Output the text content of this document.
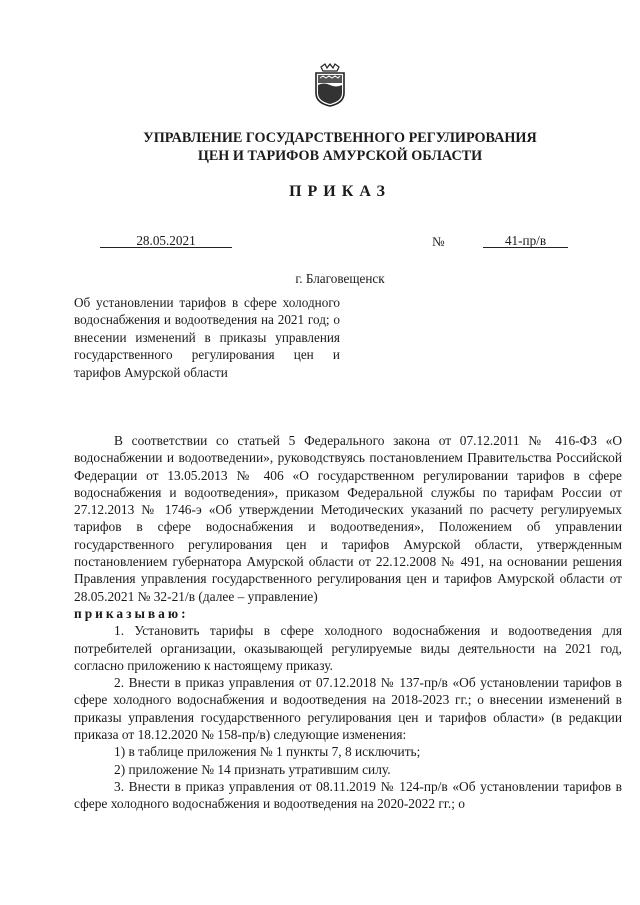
УПРАВЛЕНИЕ ГОСУДАРСТВЕННОГО РЕГУЛИРОВАНИЯ
ЦЕН И ТАРИФОВ АМУРСКОЙ ОБЛАСТИ
ПРИКАЗ
28.05.2021	№	41-пр/в
г. Благовещенск
Об установлении тарифов в сфере холодного водоснабжения и водоотведения на 2021 год; о внесении изменений в приказы управления государственного регулирования цен и тарифов Амурской области

В соответствии со статьей 5 Федерального закона от 07.12.2011 № 416-ФЗ «О водоснабжении и водоотведении», руководствуясь постановлением Правительства Российской Федерации от 13.05.2013 № 406 «О государственном регулировании тарифов в сфере водоснабжения и водоотведения», приказом Федеральной службы по тарифам России от 27.12.2013 № 1746-э «Об утверждении Методических указаний по расчету регулируемых тарифов в сфере водоснабжения и водоотведения», Положением об управлении государственного регулирования цен и тарифов Амурской области, утвержденным постановлением губернатора Амурской области от 22.12.2008 № 491, на основании решения Правления управления государственного регулирования цен и тарифов Амурской области от 28.05.2021 № 32-21/в (далее – управление)

приказываю:

1. Установить тарифы в сфере холодного водоснабжения и водоотведения для потребителей организации, оказывающей регулируемые виды деятельности на 2021 год, согласно приложению к настоящему приказу.

2. Внести в приказ управления от 07.12.2018 № 137-пр/в «Об установлении тарифов в сфере холодного водоснабжения и водоотведения на 2018-2023 гг.; о внесении изменений в приказы управления государственного регулирования цен и тарифов области» (в редакции приказа от 18.12.2020 № 158-пр/в) следующие изменения:

1) в таблице приложения № 1 пункты 7, 8 исключить;

2) приложение № 14 признать утратившим силу.

3. Внести в приказ управления от 08.11.2019 № 124-пр/в «Об установлении тарифов в сфере холодного водоснабжения и водоотведения на 2020-2022 гг.; о
